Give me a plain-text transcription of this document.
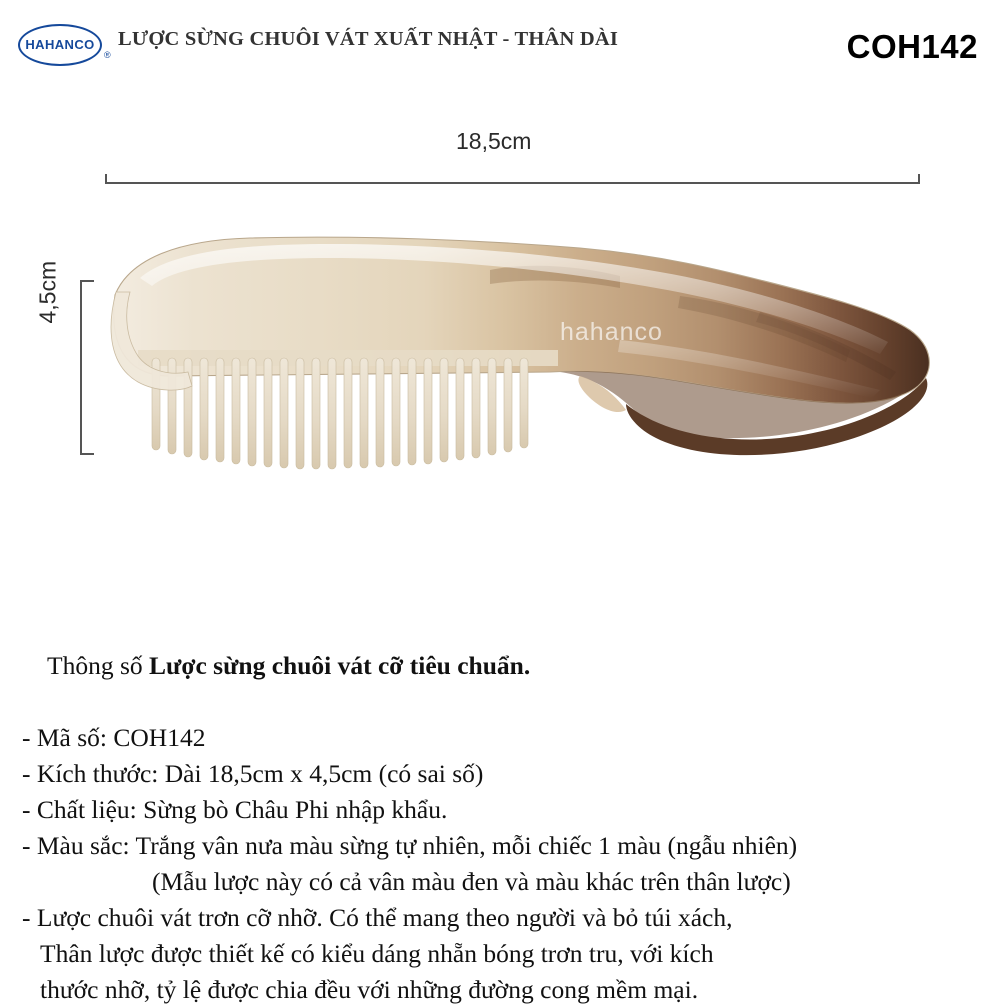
HAHANCO
®
LƯỢC SỪNG CHUÔI VÁT XUẤT NHẬT - THÂN DÀI	COH142
18,5cm
4,5cm
hahanco

Thông số Lược sừng chuôi vát cỡ tiêu chuẩn.

- Mã số: COH142
- Kích thước: Dài 18,5cm x 4,5cm (có sai số)
- Chất liệu: Sừng bò Châu Phi nhập khẩu.
- Màu sắc: Trắng vân nưa màu sừng tự nhiên, mỗi chiếc 1 màu (ngẫu nhiên)
(Mẫu lược này có cả vân màu đen và màu khác trên thân lược)
- Lược chuôi vát trơn cỡ nhỡ. Có thể mang theo người và bỏ túi xách,
Thân lược được thiết kế có kiểu dáng nhẵn bóng trơn tru, với kích
thước nhỡ, tỷ lệ được chia đều với những đường cong mềm mại.
